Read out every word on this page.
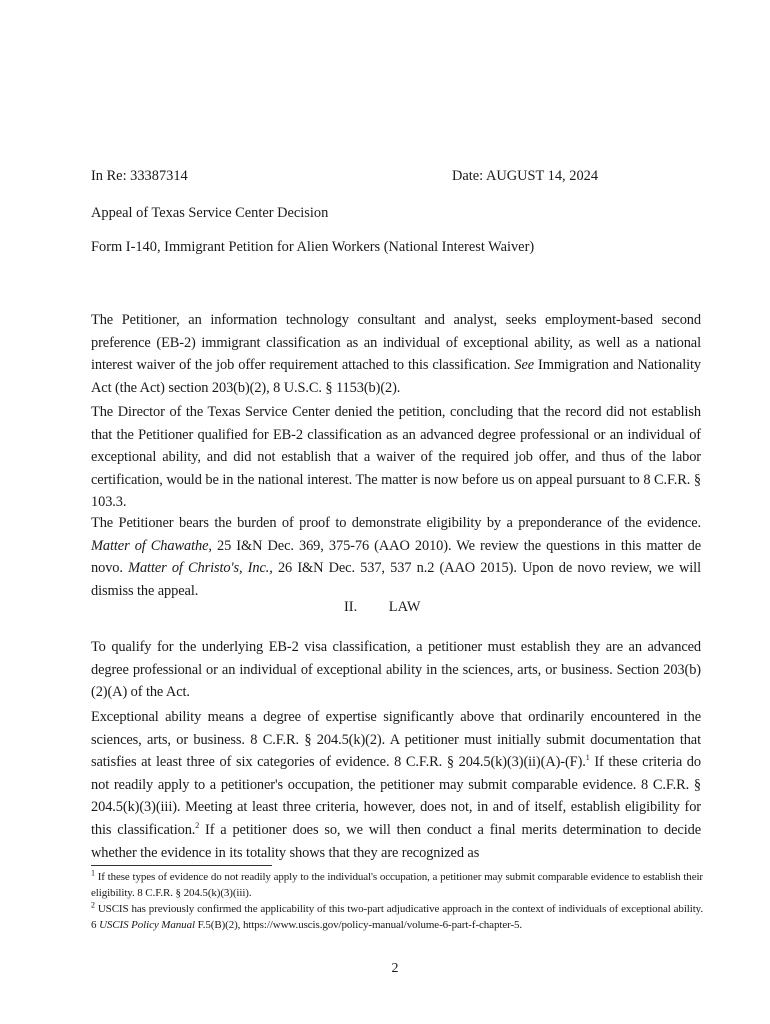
In Re: 33387314	Date: AUGUST 14, 2024
Appeal of Texas Service Center Decision
Form I-140, Immigrant Petition for Alien Workers (National Interest Waiver)

The Petitioner, an information technology consultant and analyst, seeks employment-based second preference (EB-2) immigrant classification as an individual of exceptional ability, as well as a national interest waiver of the job offer requirement attached to this classification. See Immigration and Nationality Act (the Act) section 203(b)(2), 8 U.S.C. § 1153(b)(2).

The Director of the Texas Service Center denied the petition, concluding that the record did not establish that the Petitioner qualified for EB-2 classification as an advanced degree professional or an individual of exceptional ability, and did not establish that a waiver of the required job offer, and thus of the labor certification, would be in the national interest. The matter is now before us on appeal pursuant to 8 C.F.R. § 103.3.

The Petitioner bears the burden of proof to demonstrate eligibility by a preponderance of the evidence. Matter of Chawathe, 25 I&N Dec. 369, 375-76 (AAO 2010). We review the questions in this matter de novo. Matter of Christo's, Inc., 26 I&N Dec. 537, 537 n.2 (AAO 2015). Upon de novo review, we will dismiss the appeal.

II. LAW

To qualify for the underlying EB-2 visa classification, a petitioner must establish they are an advanced degree professional or an individual of exceptional ability in the sciences, arts, or business. Section 203(b)(2)(A) of the Act.

Exceptional ability means a degree of expertise significantly above that ordinarily encountered in the sciences, arts, or business. 8 C.F.R. § 204.5(k)(2). A petitioner must initially submit documentation that satisfies at least three of six categories of evidence. 8 C.F.R. § 204.5(k)(3)(ii)(A)-(F).$^1$ If these criteria do not readily apply to a petitioner's occupation, the petitioner may submit comparable evidence. 8 C.F.R. § 204.5(k)(3)(iii). Meeting at least three criteria, however, does not, in and of itself, establish eligibility for this classification.$^2$ If a petitioner does so, we will then conduct a final merits determination to decide whether the evidence in its totality shows that they are recognized as

$^1$ If these types of evidence do not readily apply to the individual's occupation, a petitioner may submit comparable evidence to establish their eligibility. 8 C.F.R. § 204.5(k)(3)(iii).

$^2$ USCIS has previously confirmed the applicability of this two-part adjudicative approach in the context of individuals of exceptional ability. 6 USCIS Policy Manual F.5(B)(2), https://www.uscis.gov/policy-manual/volume-6-part-f-chapter-5.

2
